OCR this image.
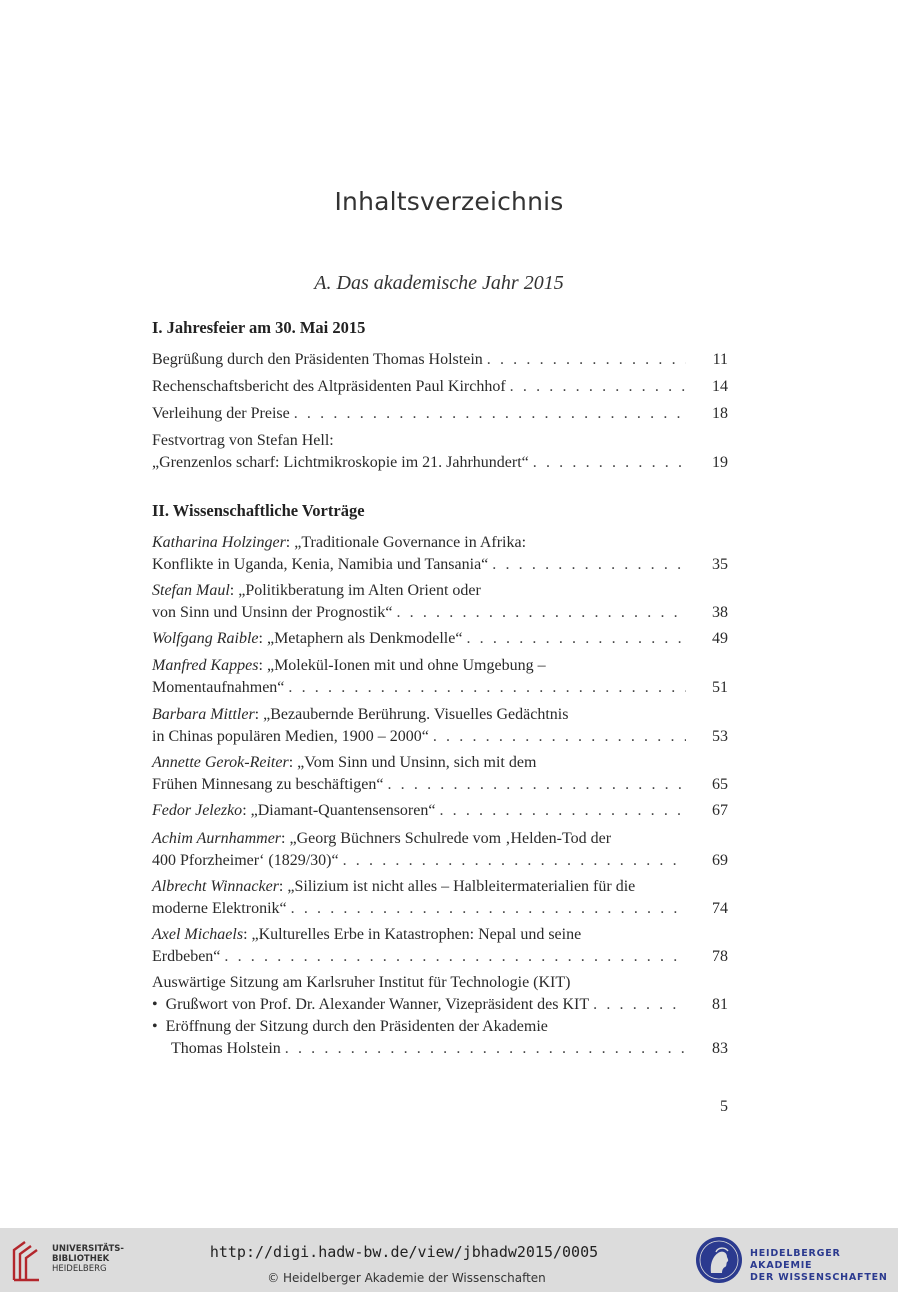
Inhaltsverzeichnis
A. Das akademische Jahr 2015
I. Jahresfeier am 30. Mai 2015
Begrüßung durch den Präsidenten Thomas Holstein . . .	11
Rechenschaftsbericht des Altpräsidenten Paul Kirchhof . . .	14
Verleihung der Preise . . .	18
Festvortrag von Stefan Hell:
„Grenzenlos scharf: Lichtmikroskopie im 21. Jahrhundert“ . . .	19
II. Wissenschaftliche Vorträge
Katharina Holzinger: „Traditionale Governance in Afrika:
Konflikte in Uganda, Kenia, Namibia und Tansania“ . . .	35
Stefan Maul: „Politikberatung im Alten Orient oder
von Sinn und Unsinn der Prognostik“ . . .	38
Wolfgang Raible: „Metaphern als Denkmodelle“ . . .	49
Manfred Kappes: „Molekül-Ionen mit und ohne Umgebung –
Momentaufnahmen“ . . .	51
Barbara Mittler: „Bezaubernde Berührung. Visuelles Gedächtnis
in Chinas populären Medien, 1900 – 2000“ . . .	53
Annette Gerok-Reiter: „Vom Sinn und Unsinn, sich mit dem
Frühen Minnesang zu beschäftigen“ . . .	65
Fedor Jelezko: „Diamant-Quantensensoren“ . . .	67
Achim Aurnhammer: „Georg Büchners Schulrede vom ‚Helden-Tod der
400 Pforzheimer‘ (1829/30)“ . . .	69
Albrecht Winnacker: „Silizium ist nicht alles – Halbleitermaterialien für die
moderne Elektronik“ . . .	74
Axel Michaels: „Kulturelles Erbe in Katastrophen: Nepal und seine
Erdbeben“ . . .	78
Auswärtige Sitzung am Karlsruher Institut für Technologie (KIT)
• Grußwort von Prof. Dr. Alexander Wanner, Vizepräsident des KIT . . .	81
• Eröffnung der Sitzung durch den Präsidenten der Akademie
Thomas Holstein . . .	83
5
UNIVERSITÄTS-
BIBLIOTHEK
HEIDELBERG
http://digi.hadw-bw.de/view/jbhadw2015/0005
© Heidelberger Akademie der Wissenschaften
HEIDELBERGER AKADEMIE
DER WISSENSCHAFTEN
